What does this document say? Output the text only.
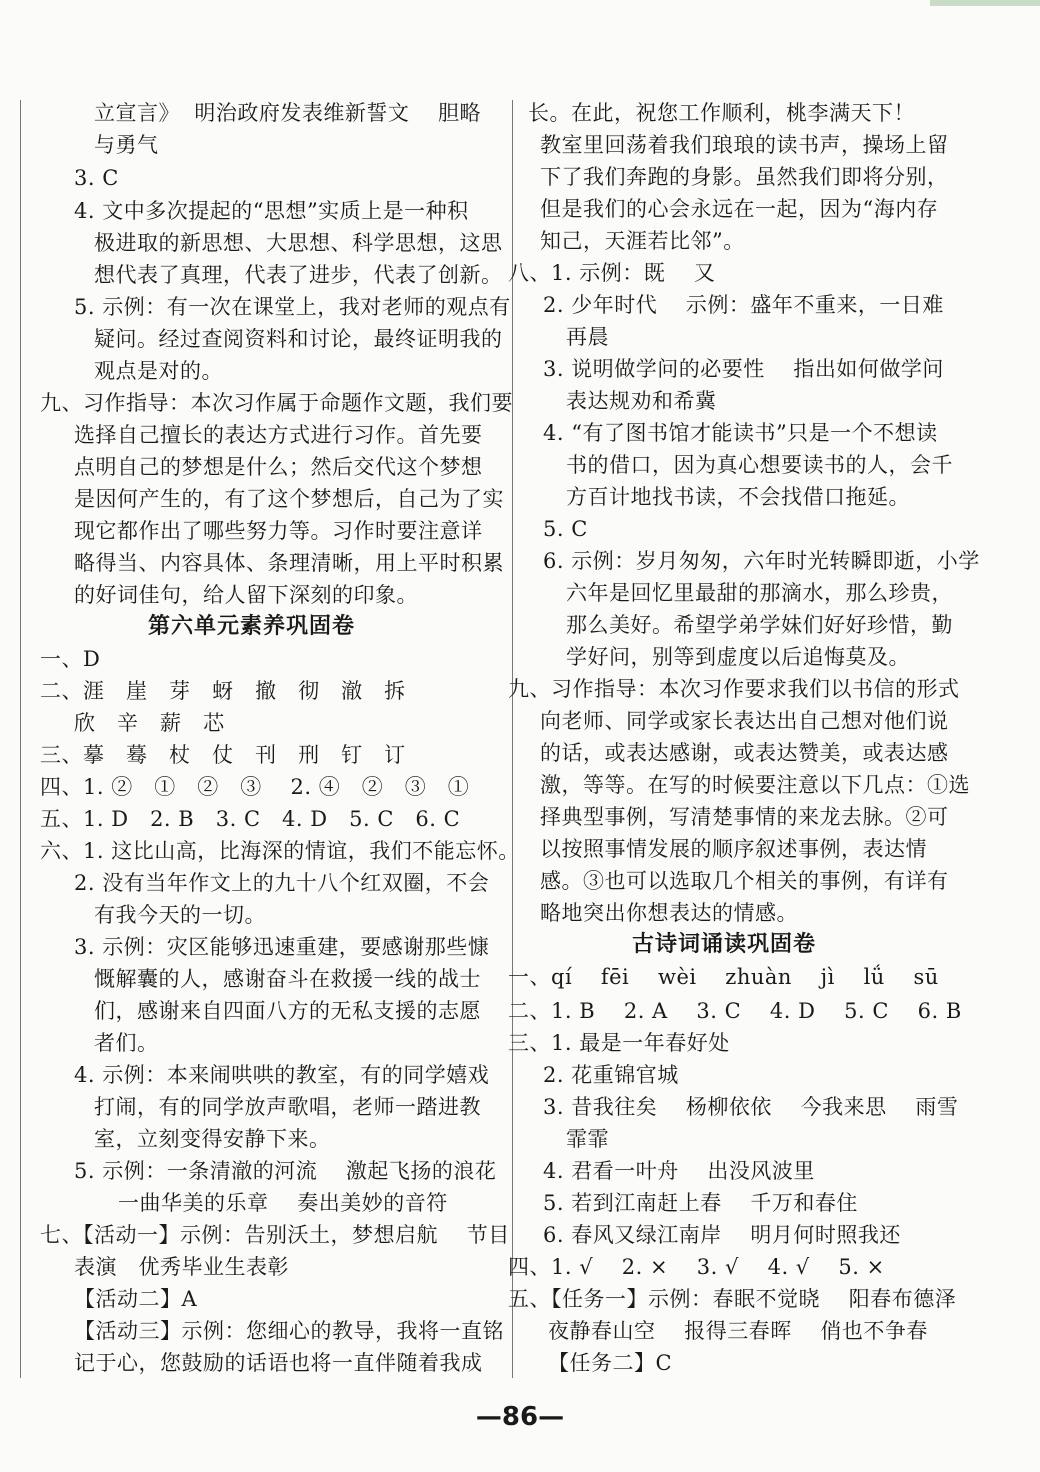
立宣言》  明治政府发表维新誓文    胆略
与勇气
3. C
4. 文中多次提起的“思想”实质上是一种积
极进取的新思想、大思想、科学思想，这思
想代表了真理，代表了进步，代表了创新。
5. 示例：有一次在课堂上，我对老师的观点有
疑问。经过查阅资料和讨论，最终证明我的
观点是对的。
九、习作指导：本次习作属于命题作文题，我们要
选择自己擅长的表达方式进行习作。首先要
点明自己的梦想是什么；然后交代这个梦想
是因何产生的，有了这个梦想后，自己为了实
现它都作出了哪些努力等。习作时要注意详
略得当、内容具体、条理清晰，用上平时积累
的好词佳句，给人留下深刻的印象。
第六单元素养巩固卷
一、D
二、涯   崖   芽   蚜   撤   彻   澈   拆
欣   辛   薪   芯
三、摹   蓦   杖   仗   刊   刑   钉   订
四、1. ②   ①   ②   ③    2. ④   ②   ③   ①
五、1. D   2. B   3. C   4. D   5. C   6. C
六、1. 这比山高，比海深的情谊，我们不能忘怀。
2. 没有当年作文上的九十八个红双圈，不会
有我今天的一切。
3. 示例：灾区能够迅速重建，要感谢那些慷
慨解囊的人，感谢奋斗在救援一线的战士
们，感谢来自四面八方的无私支援的志愿
者们。
4. 示例：本来闹哄哄的教室，有的同学嬉戏
打闹，有的同学放声歌唱，老师一踏进教
室，立刻变得安静下来。
5. 示例：一条清澈的河流    激起飞扬的浪花
一曲华美的乐章    奏出美妙的音符
七、【活动一】示例：告别沃土，梦想启航    节目
表演   优秀毕业生表彰
【活动二】A
【活动三】示例：您细心的教导，我将一直铭
记于心，您鼓励的话语也将一直伴随着我成
长。在此，祝您工作顺利，桃李满天下！
教室里回荡着我们琅琅的读书声，操场上留
下了我们奔跑的身影。虽然我们即将分别，
但是我们的心会永远在一起，因为“海内存
知己，天涯若比邻”。
八、1. 示例：既    又
2. 少年时代    示例：盛年不重来，一日难
再晨
3. 说明做学问的必要性    指出如何做学问
表达规劝和希冀
4. “有了图书馆才能读书”只是一个不想读
书的借口，因为真心想要读书的人，会千
方百计地找书读，不会找借口拖延。
5. C
6. 示例：岁月匆匆，六年时光转瞬即逝，小学
六年是回忆里最甜的那滴水，那么珍贵，
那么美好。希望学弟学妹们好好珍惜，勤
学好问，别等到虚度以后追悔莫及。
九、习作指导：本次习作要求我们以书信的形式
向老师、同学或家长表达出自己想对他们说
的话，或表达感谢，或表达赞美，或表达感
激，等等。在写的时候要注意以下几点：①选
择典型事例，写清楚事情的来龙去脉。②可
以按照事情发展的顺序叙述事例，表达情
感。③也可以选取几个相关的事例，有详有
略地突出你想表达的情感。
古诗词诵读巩固卷
一、qí    fēi    wèi    zhuàn    jì    lǘ    sū
二、1. B    2. A    3. C    4. D    5. C    6. B
三、1. 最是一年春好处
2. 花重锦官城
3. 昔我往矣    杨柳依依    今我来思    雨雪
霏霏
4. 君看一叶舟    出没风波里
5. 若到江南赶上春    千万和春住
6. 春风又绿江南岸    明月何时照我还
四、1. √    2. ×    3. √    4. √    5. ×
五、【任务一】示例：春眠不觉晓    阳春布德泽
夜静春山空    报得三春晖    俏也不争春
【任务二】C
—86—
